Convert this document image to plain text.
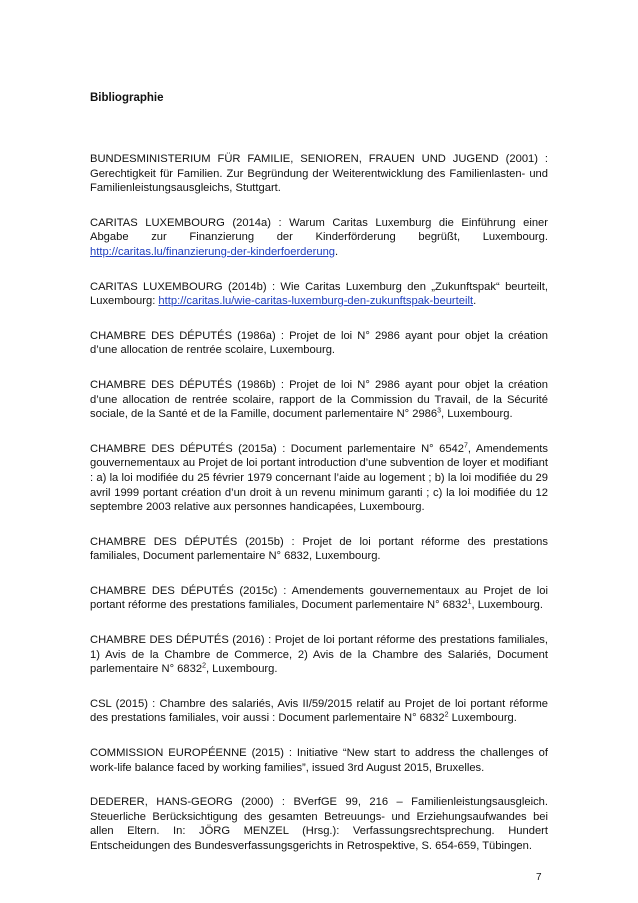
Bibliographie

BUNDESMINISTERIUM FÜR FAMILIE, SENIOREN, FRAUEN UND JUGEND (2001) : Gerechtigkeit für Familien. Zur Begründung der Weiterentwicklung des Familienlasten- und Familienleistungsausgleichs, Stuttgart.

CARITAS LUXEMBOURG (2014a) : Warum Caritas Luxemburg die Einführung einer Abgabe zur Finanzierung der Kinderförderung begrüßt, Luxembourg. http://caritas.lu/finanzierung-der-kinderfoerderung.

CARITAS LUXEMBOURG (2014b) : Wie Caritas Luxemburg den „Zukunftspak“ beurteilt, Luxembourg: http://caritas.lu/wie-caritas-luxemburg-den-zukunftspak-beurteilt.

CHAMBRE DES DÉPUTÉS (1986a) : Projet de loi N° 2986 ayant pour objet la création d’une allocation de rentrée scolaire, Luxembourg.

CHAMBRE DES DÉPUTÉS (1986b) : Projet de loi N° 2986 ayant pour objet la création d’une allocation de rentrée scolaire, rapport de la Commission du Travail, de la Sécurité sociale, de la Santé et de la Famille, document parlementaire N° 2986$^3$, Luxembourg.

CHAMBRE DES DÉPUTÉS (2015a) : Document parlementaire N° 6542$^7$, Amendements gouvernementaux au Projet de loi portant introduction d’une subvention de loyer et modifiant : a) la loi modifiée du 25 février 1979 concernant l’aide au logement ; b) la loi modifiée du 29 avril 1999 portant création d’un droit à un revenu minimum garanti ; c) la loi modifiée du 12 septembre 2003 relative aux personnes handicapées, Luxembourg.

CHAMBRE DES DÉPUTÉS (2015b) : Projet de loi portant réforme des prestations familiales, Document parlementaire N° 6832, Luxembourg.

CHAMBRE DES DÉPUTÉS (2015c) : Amendements gouvernementaux au Projet de loi portant réforme des prestations familiales, Document parlementaire N° 6832$^1$, Luxembourg.

CHAMBRE DES DÉPUTÉS (2016) : Projet de loi portant réforme des prestations familiales, 1) Avis de la Chambre de Commerce, 2) Avis de la Chambre des Salariés, Document parlementaire N° 6832$^2$, Luxembourg.

CSL (2015) : Chambre des salariés, Avis II/59/2015 relatif au Projet de loi portant réforme des prestations familiales, voir aussi : Document parlementaire N° 6832$^2$ Luxembourg.

COMMISSION EUROPÉENNE (2015) : Initiative “New start to address the challenges of work-life balance faced by working families”, issued 3rd August 2015, Bruxelles.

DEDERER, HANS-GEORG (2000) : BVerfGE 99, 216 – Familienleistungsausgleich. Steuerliche Berücksichtigung des gesamten Betreuungs- und Erziehungsaufwandes bei allen Eltern. In: JÖRG MENZEL (Hrsg.): Verfassungsrechtsprechung. Hundert Entscheidungen des Bundesverfassungsgerichts in Retrospektive, S. 654-659, Tübingen.

7
